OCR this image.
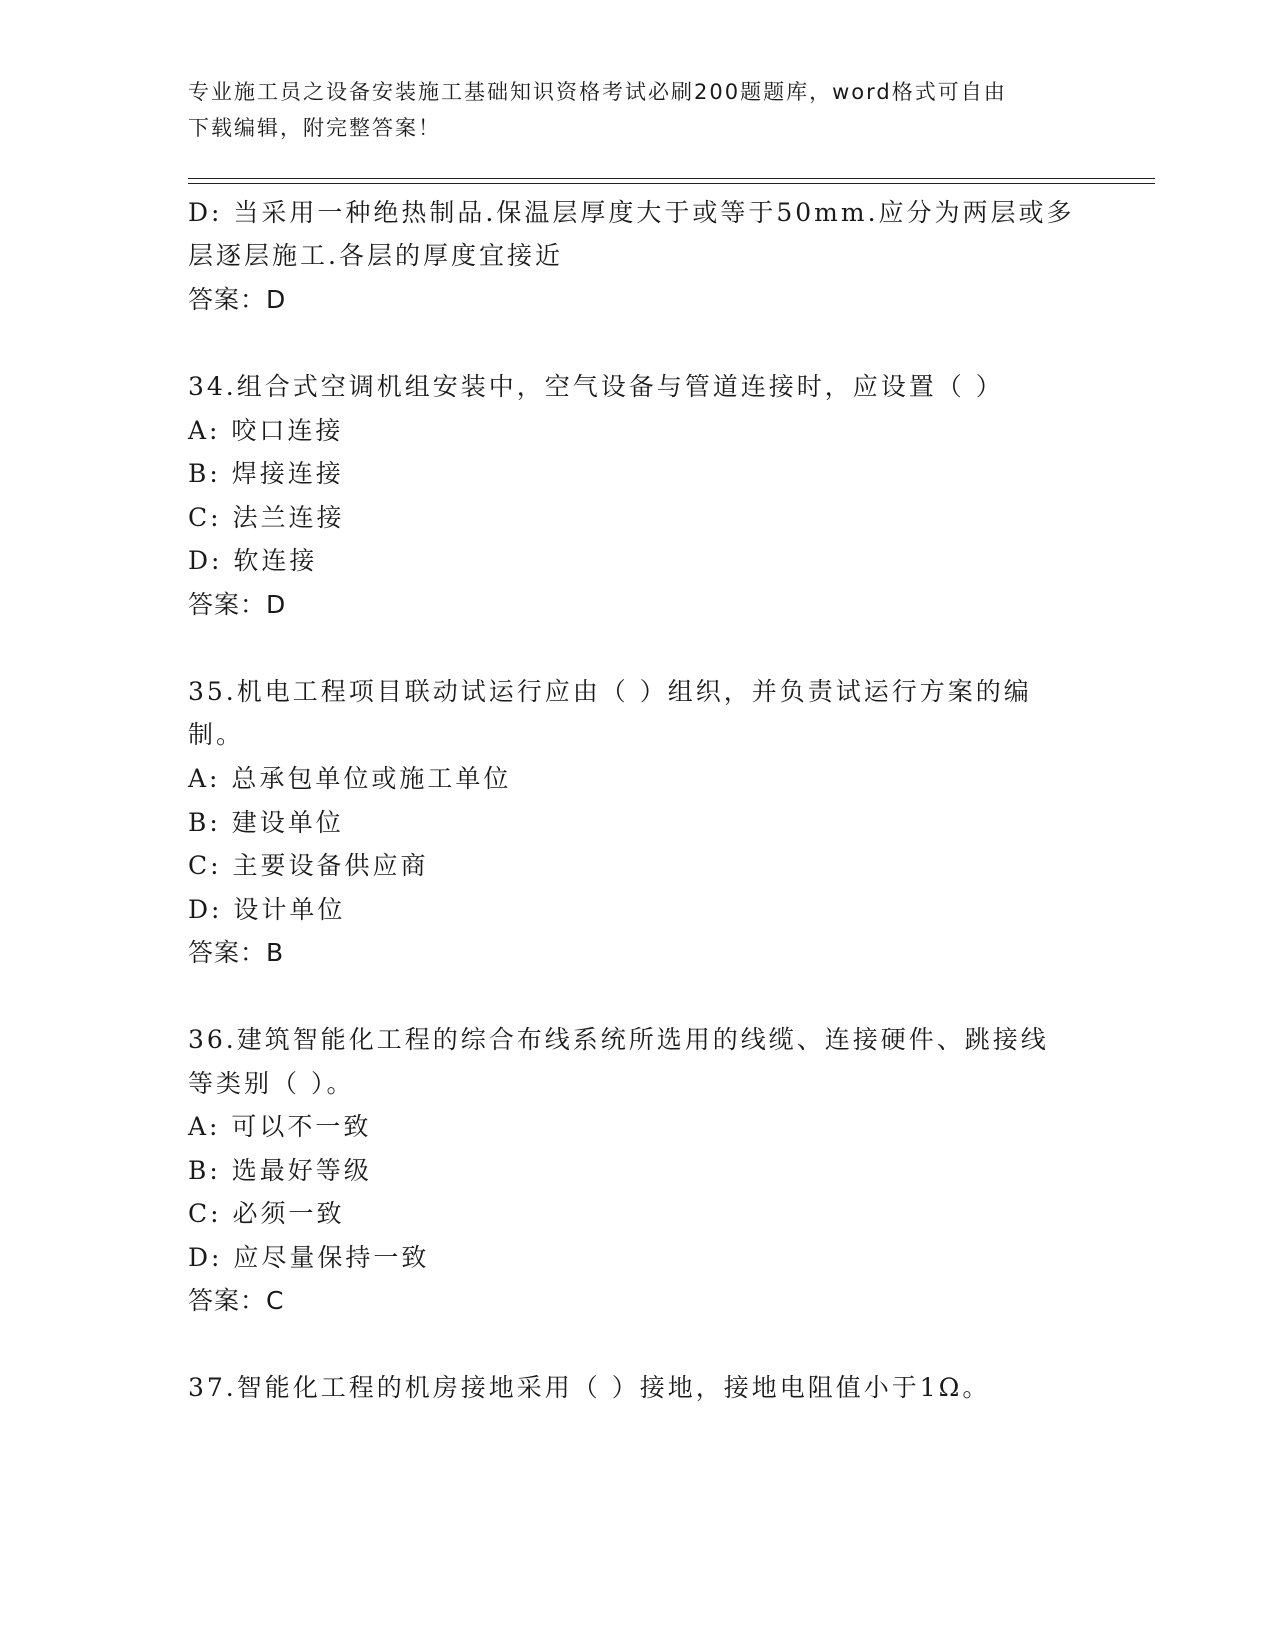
专业施工员之设备安装施工基础知识资格考试必刷200题题库，word格式可自由
下载编辑，附完整答案！
D: 当采用一种绝热制品.保温层厚度大于或等于50mm.应分为两层或多
层逐层施工.各层的厚度宜接近
答案：D
34.组合式空调机组安装中，空气设备与管道连接时，应设置（ ）
A: 咬口连接
B: 焊接连接
C: 法兰连接
D: 软连接
答案：D
35.机电工程项目联动试运行应由（ ）组织，并负责试运行方案的编
制。
A: 总承包单位或施工单位
B: 建设单位
C: 主要设备供应商
D: 设计单位
答案：B
36.建筑智能化工程的综合布线系统所选用的线缆、连接硬件、跳接线
等类别（ ）。
A: 可以不一致
B: 选最好等级
C: 必须一致
D: 应尽量保持一致
答案：C
37.智能化工程的机房接地采用（ ）接地，接地电阻值小于1Ω。
